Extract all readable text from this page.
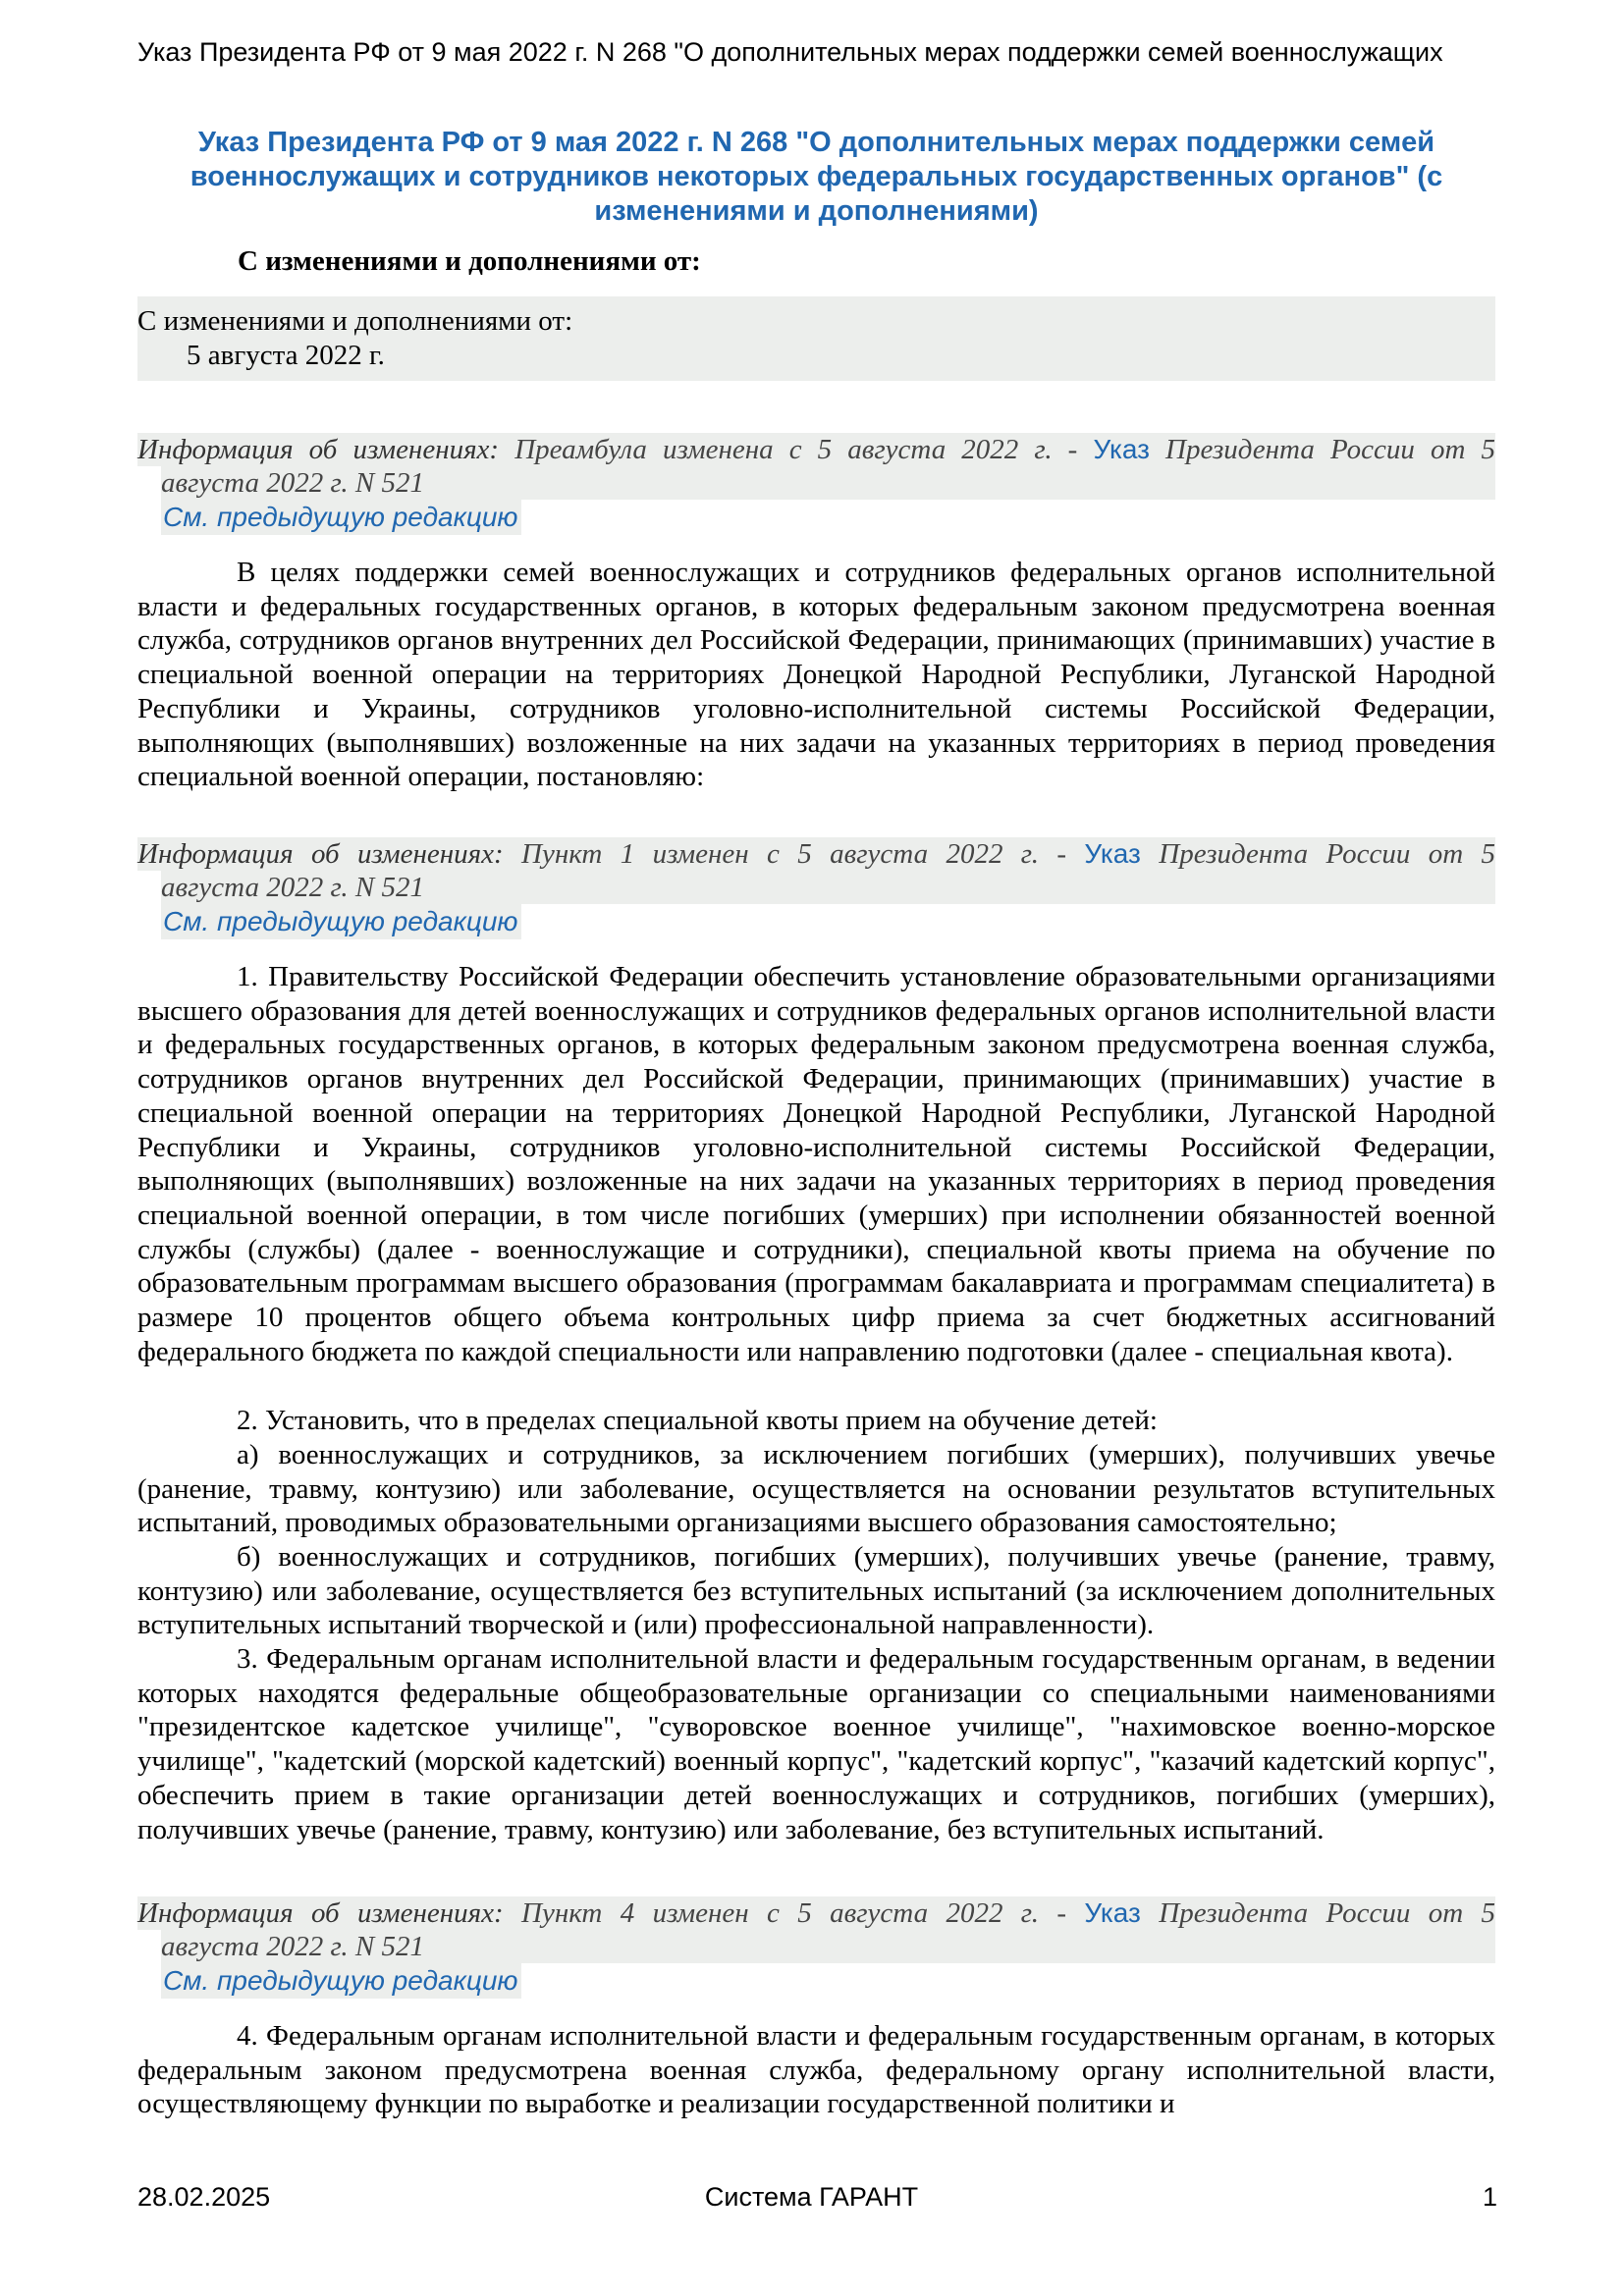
Указ Президента РФ от 9 мая 2022 г. N 268 "О дополнительных мерах поддержки семей военнослужащих
Указ Президента РФ от 9 мая 2022 г. N 268 "О дополнительных мерах поддержки семей военнослужащих и сотрудников некоторых федеральных государственных органов" (с изменениями и дополнениями)
С изменениями и дополнениями от:
С изменениями и дополнениями от:
5 августа 2022 г.
Информация об изменениях: Преамбула изменена с 5 августа 2022 г. - Указ Президента России от 5
августа 2022 г. N 521
См. предыдущую редакцию
В целях поддержки семей военнослужащих и сотрудников федеральных органов исполнительной власти и федеральных государственных органов, в которых федеральным законом предусмотрена военная служба, сотрудников органов внутренних дел Российской Федерации, принимающих (принимавших) участие в специальной военной операции на территориях Донецкой Народной Республики, Луганской Народной Республики и Украины, сотрудников уголовно-исполнительной системы Российской Федерации, выполняющих (выполнявших) возложенные на них задачи на указанных территориях в период проведения специальной военной операции, постановляю:
Информация об изменениях: Пункт 1 изменен с 5 августа 2022 г. - Указ Президента России от 5
августа 2022 г. N 521
См. предыдущую редакцию
1. Правительству Российской Федерации обеспечить установление образовательными организациями высшего образования для детей военнослужащих и сотрудников федеральных органов исполнительной власти и федеральных государственных органов, в которых федеральным законом предусмотрена военная служба, сотрудников органов внутренних дел Российской Федерации, принимающих (принимавших) участие в специальной военной операции на территориях Донецкой Народной Республики, Луганской Народной Республики и Украины, сотрудников уголовно-исполнительной системы Российской Федерации, выполняющих (выполнявших) возложенные на них задачи на указанных территориях в период проведения специальной военной операции, в том числе погибших (умерших) при исполнении обязанностей военной службы (службы) (далее - военнослужащие и сотрудники), специальной квоты приема на обучение по образовательным программам высшего образования (программам бакалавриата и программам специалитета) в размере 10 процентов общего объема контрольных цифр приема за счет бюджетных ассигнований федерального бюджета по каждой специальности или направлению подготовки (далее - специальная квота).
2. Установить, что в пределах специальной квоты прием на обучение детей:
а) военнослужащих и сотрудников, за исключением погибших (умерших), получивших увечье (ранение, травму, контузию) или заболевание, осуществляется на основании результатов вступительных испытаний, проводимых образовательными организациями высшего образования самостоятельно;
б) военнослужащих и сотрудников, погибших (умерших), получивших увечье (ранение, травму, контузию) или заболевание, осуществляется без вступительных испытаний (за исключением дополнительных вступительных испытаний творческой и (или) профессиональной направленности).
3. Федеральным органам исполнительной власти и федеральным государственным органам, в ведении которых находятся федеральные общеобразовательные организации со специальными наименованиями "президентское кадетское училище", "суворовское военное училище", "нахимовское военно-морское училище", "кадетский (морской кадетский) военный корпус", "кадетский корпус", "казачий кадетский корпус", обеспечить прием в такие организации детей военнослужащих и сотрудников, погибших (умерших), получивших увечье (ранение, травму, контузию) или заболевание, без вступительных испытаний.
Информация об изменениях: Пункт 4 изменен с 5 августа 2022 г. - Указ Президента России от 5
августа 2022 г. N 521
См. предыдущую редакцию
4. Федеральным органам исполнительной власти и федеральным государственным органам, в которых федеральным законом предусмотрена военная служба, федеральному органу исполнительной власти, осуществляющему функции по выработке и реализации государственной политики и
28.02.2025	Система ГАРАНТ	1
